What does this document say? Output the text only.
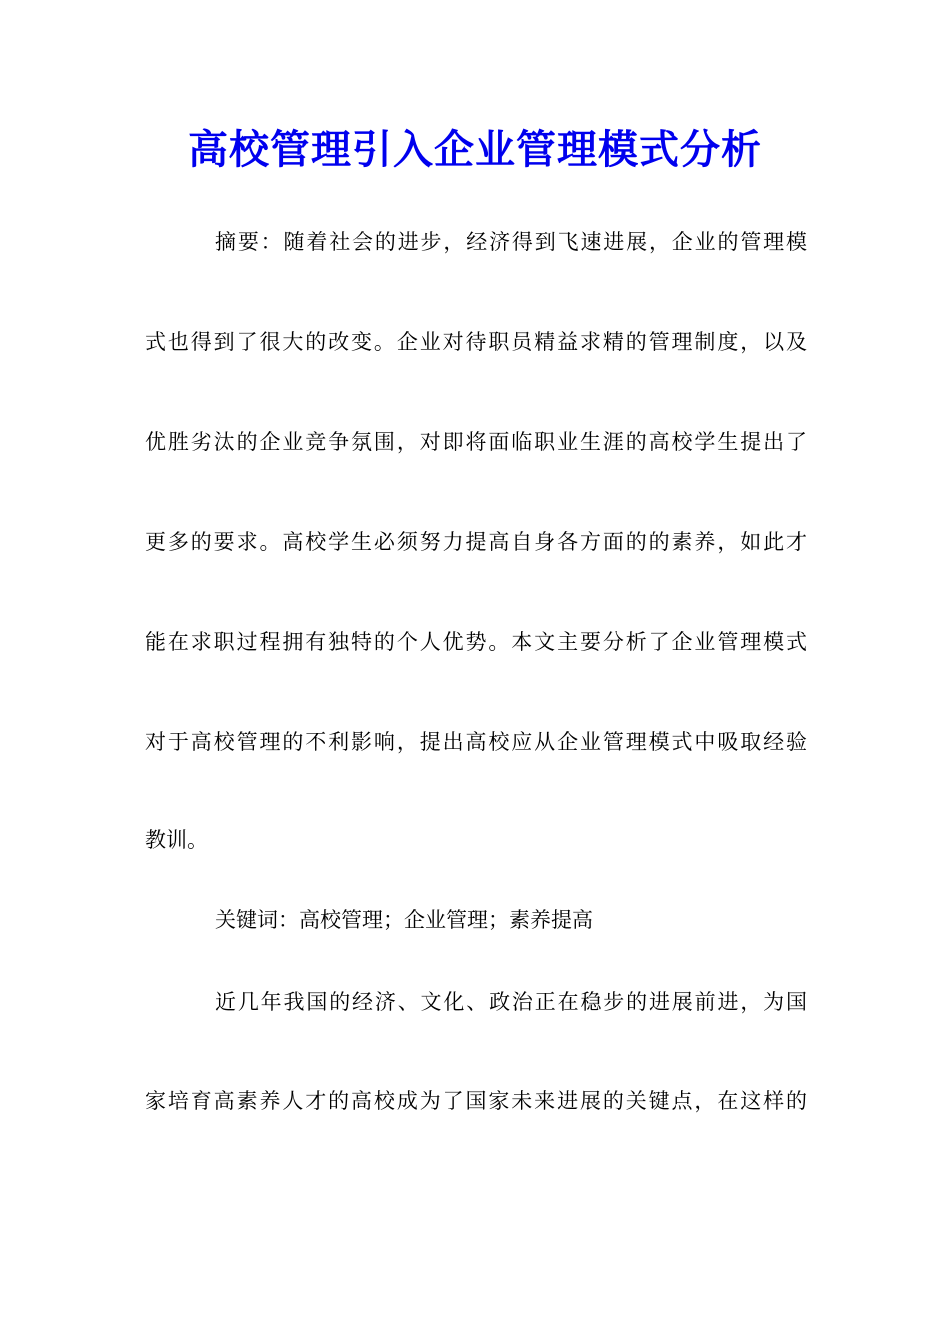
高校管理引入企业管理模式分析

摘要：随着社会的进步，经济得到飞速进展，企业的管理模

式也得到了很大的改变。企业对待职员精益求精的管理制度，以及

优胜劣汰的企业竞争氛围，对即将面临职业生涯的高校学生提出了

更多的要求。高校学生必须努力提高自身各方面的的素养，如此才

能在求职过程拥有独特的个人优势。本文主要分析了企业管理模式

对于高校管理的不利影响，提出高校应从企业管理模式中吸取经验

教训。

关键词：高校管理；企业管理；素养提高

近几年我国的经济、文化、政治正在稳步的进展前进，为国

家培育高素养人才的高校成为了国家未来进展的关键点，在这样的
